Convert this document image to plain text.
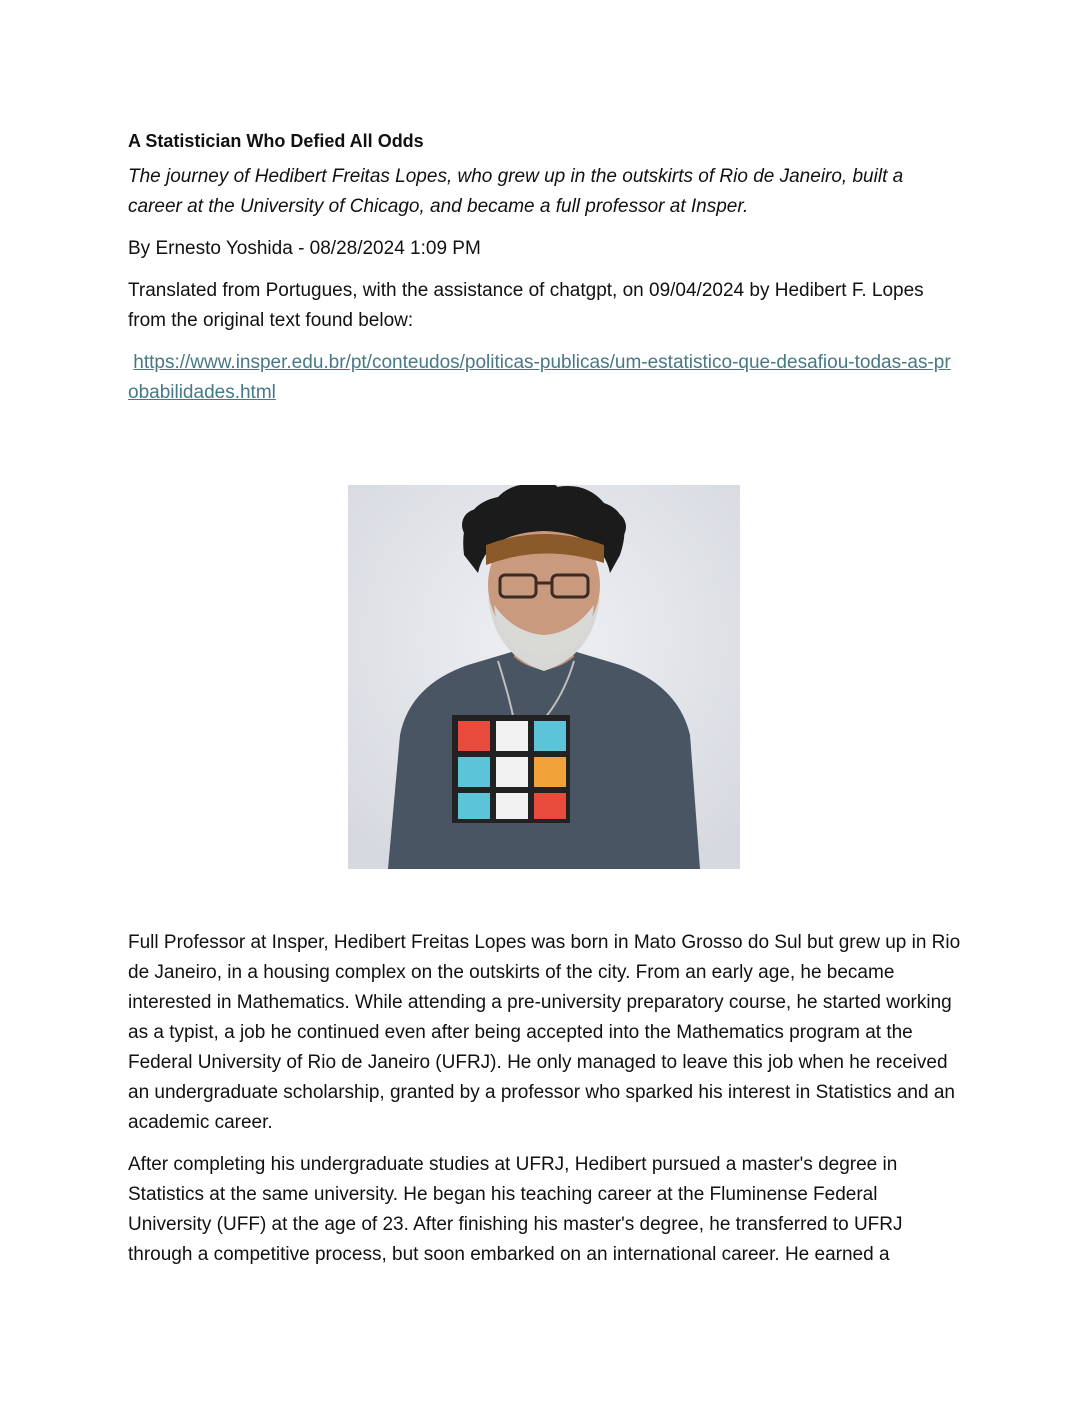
A Statistician Who Defied All Odds

The journey of Hedibert Freitas Lopes, who grew up in the outskirts of Rio de Janeiro, built a career at the University of Chicago, and became a full professor at Insper.

By Ernesto Yoshida - 08/28/2024 1:09 PM

Translated from Portugues, with the assistance of chatgpt, on 09/04/2024 by Hedibert F. Lopes from the original text found below:

https://www.insper.edu.br/pt/conteudos/politicas-publicas/um-estatistico-que-desafiou-todas-as-probabilidades.html

Full Professor at Insper, Hedibert Freitas Lopes was born in Mato Grosso do Sul but grew up in Rio de Janeiro, in a housing complex on the outskirts of the city. From an early age, he became interested in Mathematics. While attending a pre-university preparatory course, he started working as a typist, a job he continued even after being accepted into the Mathematics program at the Federal University of Rio de Janeiro (UFRJ). He only managed to leave this job when he received an undergraduate scholarship, granted by a professor who sparked his interest in Statistics and an academic career.

After completing his undergraduate studies at UFRJ, Hedibert pursued a master's degree in Statistics at the same university. He began his teaching career at the Fluminense Federal University (UFF) at the age of 23. After finishing his master's degree, he transferred to UFRJ through a competitive process, but soon embarked on an international career. He earned a
